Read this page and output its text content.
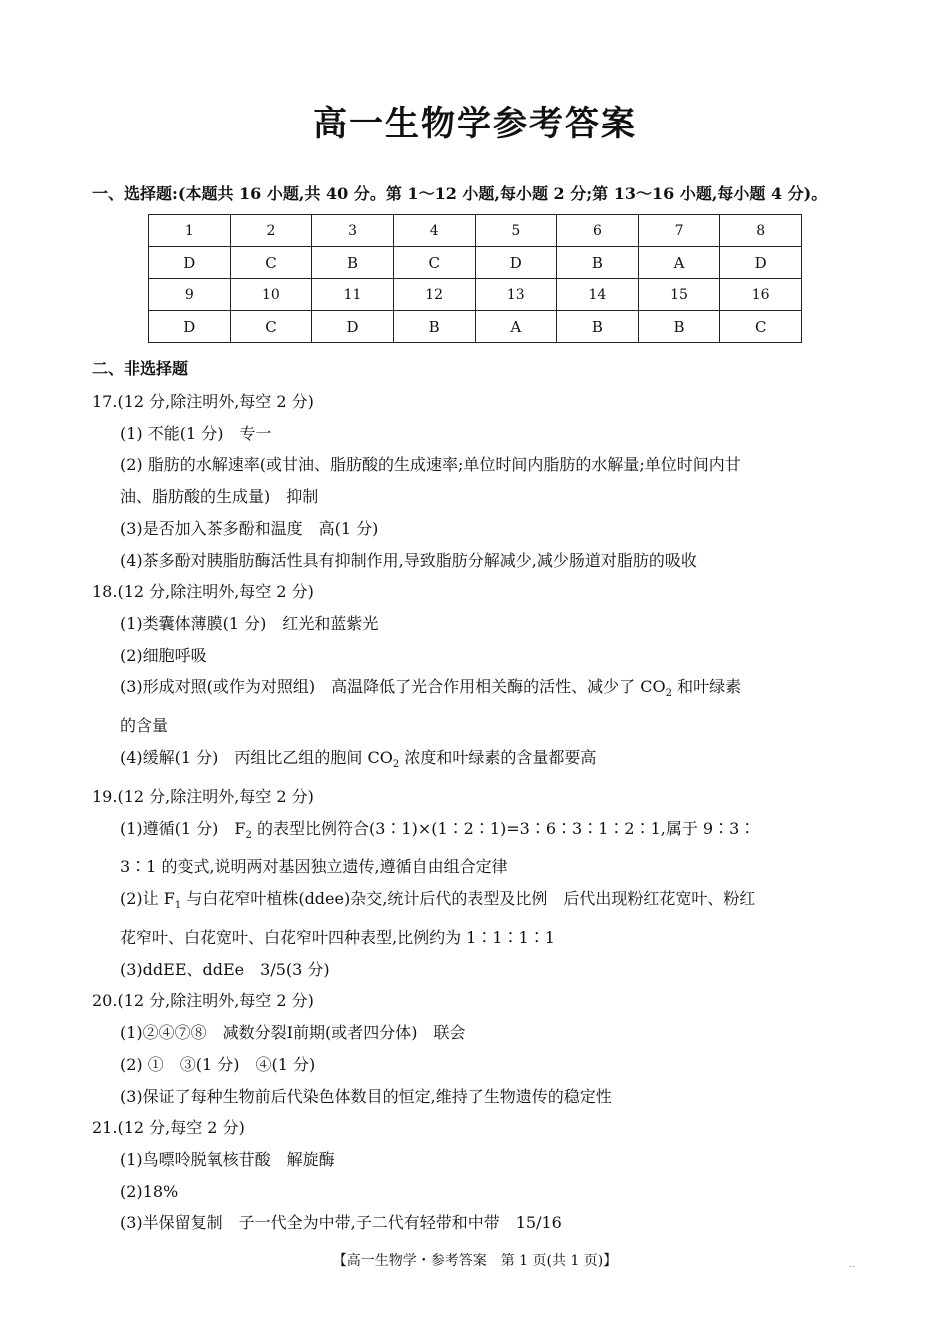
高一生物学参考答案
一、选择题:(本题共 16 小题,共 40 分。第 1～12 小题,每小题 2 分;第 13～16 小题,每小题 4 分)。
1	2	3	4	5	6	7	8
D	C	B	C	D	B	A	D
9	10	11	12	13	14	15	16
D	C	D	B	A	B	B	C
二、非选择题

17.(12 分,除注明外,每空 2 分)

(1) 不能(1 分)　专一

(2) 脂肪的水解速率(或甘油、脂肪酸的生成速率;单位时间内脂肪的水解量;单位时间内甘

油、脂肪酸的生成量)　抑制

(3)是否加入茶多酚和温度　高(1 分)

(4)茶多酚对胰脂肪酶活性具有抑制作用,导致脂肪分解减少,减少肠道对脂肪的吸收

18.(12 分,除注明外,每空 2 分)

(1)类囊体薄膜(1 分)　红光和蓝紫光

(2)细胞呼吸

(3)形成对照(或作为对照组)　高温降低了光合作用相关酶的活性、减少了 $CO_2$ 和叶绿素

的含量

(4)缓解(1 分)　丙组比乙组的胞间 $CO_2$ 浓度和叶绿素的含量都要高

19.(12 分,除注明外,每空 2 分)

(1)遵循(1 分)　$F_2$ 的表型比例符合(3∶1)×(1∶2∶1)=3∶6∶3∶1∶2∶1,属于 9∶3∶

3∶1 的变式,说明两对基因独立遗传,遵循自由组合定律

(2)让 $F_1$ 与白花窄叶植株(ddee)杂交,统计后代的表型及比例　后代出现粉红花宽叶、粉红

花窄叶、白花宽叶、白花窄叶四种表型,比例约为 1∶1∶1∶1

(3)ddEE、ddEe　3/5(3 分)

20.(12 分,除注明外,每空 2 分)

(1)②④⑦⑧　减数分裂Ⅰ前期(或者四分体)　联会

(2) ①　③(1 分)　④(1 分)

(3)保证了每种生物前后代染色体数目的恒定,维持了生物遗传的稳定性

21.(12 分,每空 2 分)

(1)鸟嘌呤脱氧核苷酸　解旋酶

(2)18%

(3)半保留复制　子一代全为中带,子二代有轻带和中带　15/16

【高一生物学・参考答案　第 1 页(共 1 页)】	··
